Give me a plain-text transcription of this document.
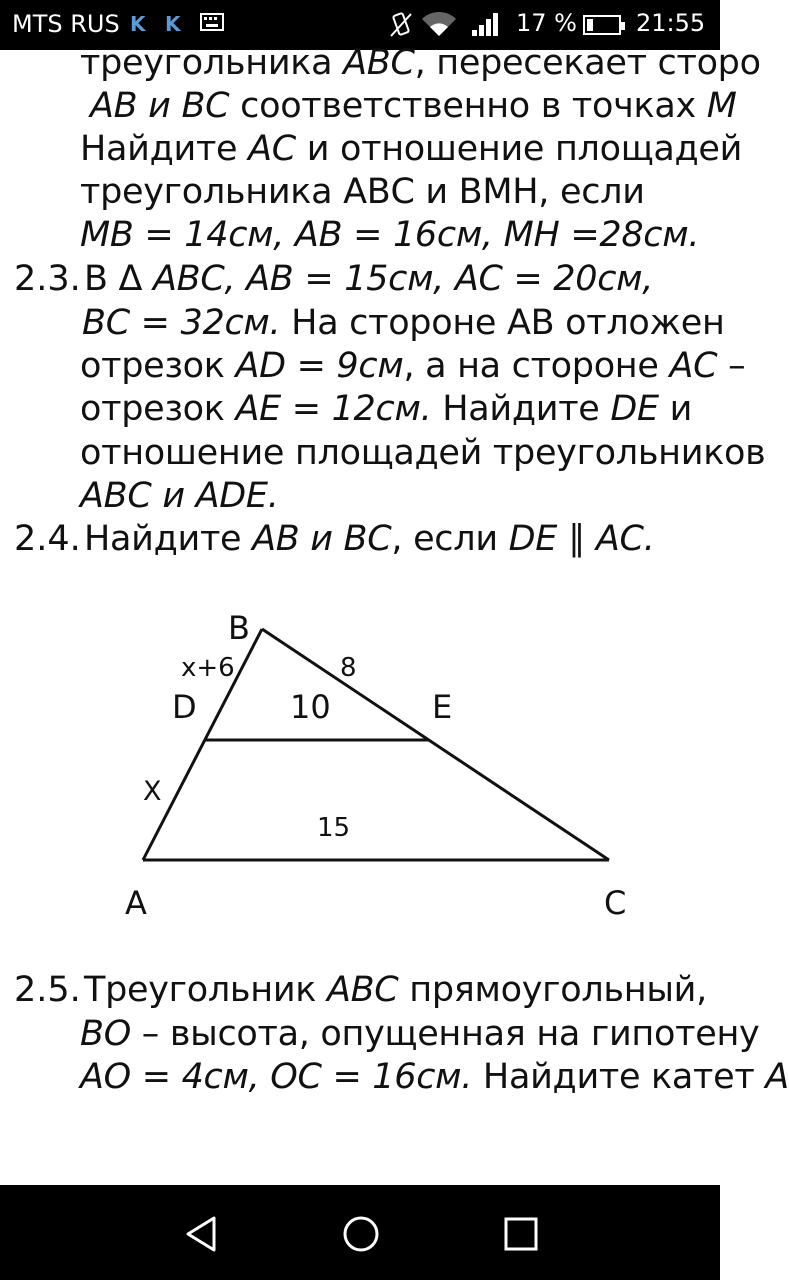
MTS RUS K K	17 % 21:55
треугольника ABC, пересекает сторо
AB и BC соответственно в точках M
Найдите AC и отношение площадей
треугольника АВС и ВМН, если
MB = 14см, AB = 16см, MH =28см.
2.3. В Δ ABC, AB = 15см, AC = 20см,
BC = 32см. На стороне АВ отложен
отрезок AD = 9см, а на стороне AC –
отрезок AE = 12см. Найдите DE и
отношение площадей треугольников
ABC и ADE.
2.4. Найдите AB и BC, если DE ∥ AC.
B
D	E
A	C
x+6	8
10
X
15
2.5. Треугольник ABC прямоугольный,
BO – высота, опущенная на гипотену
AO = 4см, OC = 16см. Найдите катет A
